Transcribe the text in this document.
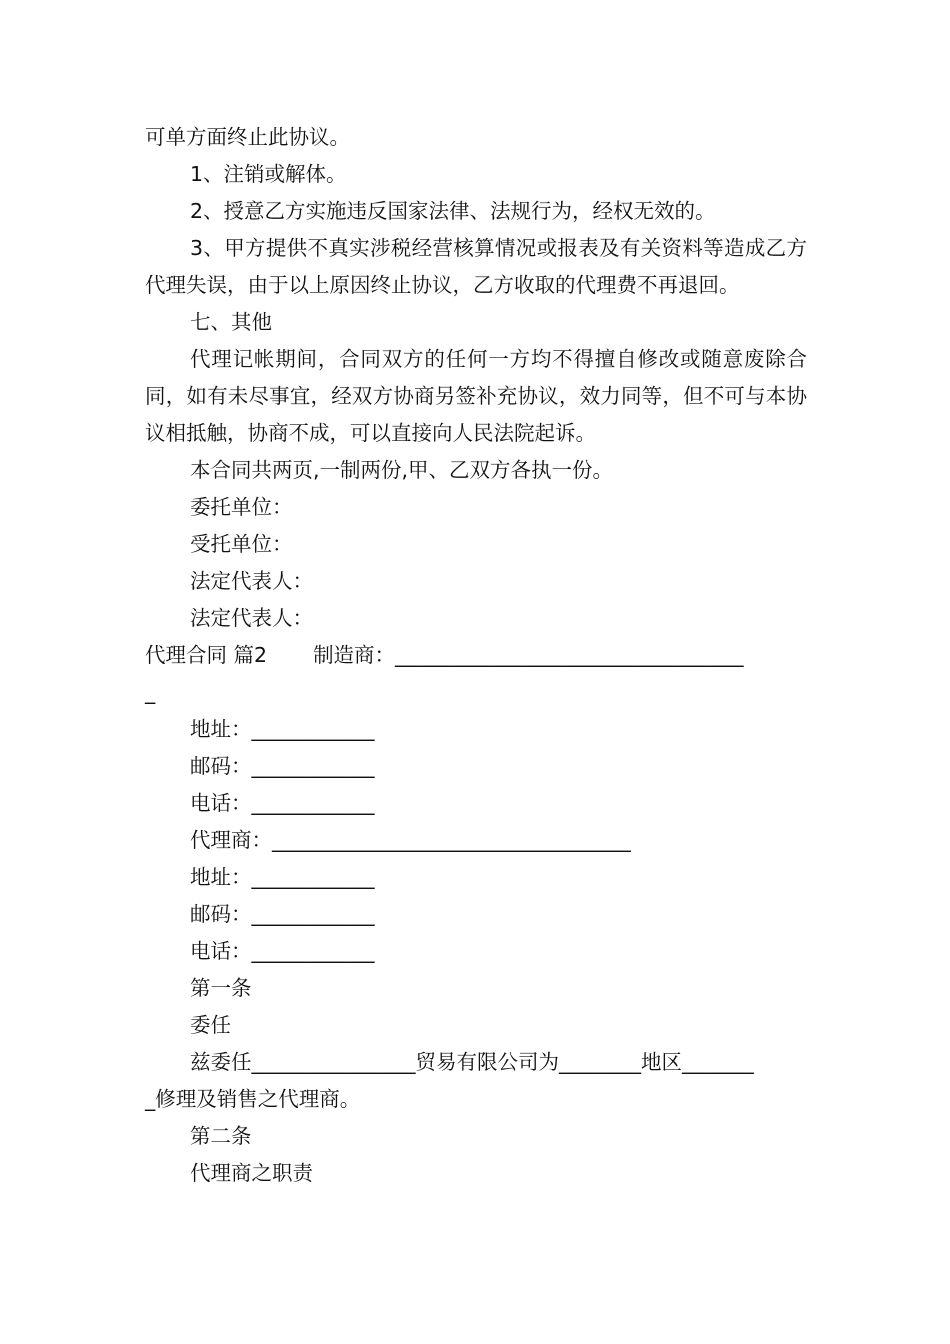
可单方面终止此协议。

1、注销或解体。

2、授意乙方实施违反国家法律、法规行为，经权无效的。

3、甲方提供不真实涉税经营核算情况或报表及有关资料等造成乙方代理失误，由于以上原因终止协议，乙方收取的代理费不再退回。

七、其他

代理记帐期间，合同双方的任何一方均不得擅自修改或随意废除合同，如有未尽事宜，经双方协商另签补充协议，效力同等，但不可与本协议相抵触，协商不成，可以直接向人民法院起诉。

本合同共两页,一制两份,甲、乙双方各执一份。

委托单位：

受托单位：

法定代表人：

法定代表人：

代理合同 篇2 制造商：__________________________________
_

地址：____________

邮码：____________

电话：____________

代理商：___________________________________

地址：____________

邮码：____________

电话：____________

第一条

委任

兹委任________________贸易有限公司为________地区_______

_修理及销售之代理商。

第二条

代理商之职责
